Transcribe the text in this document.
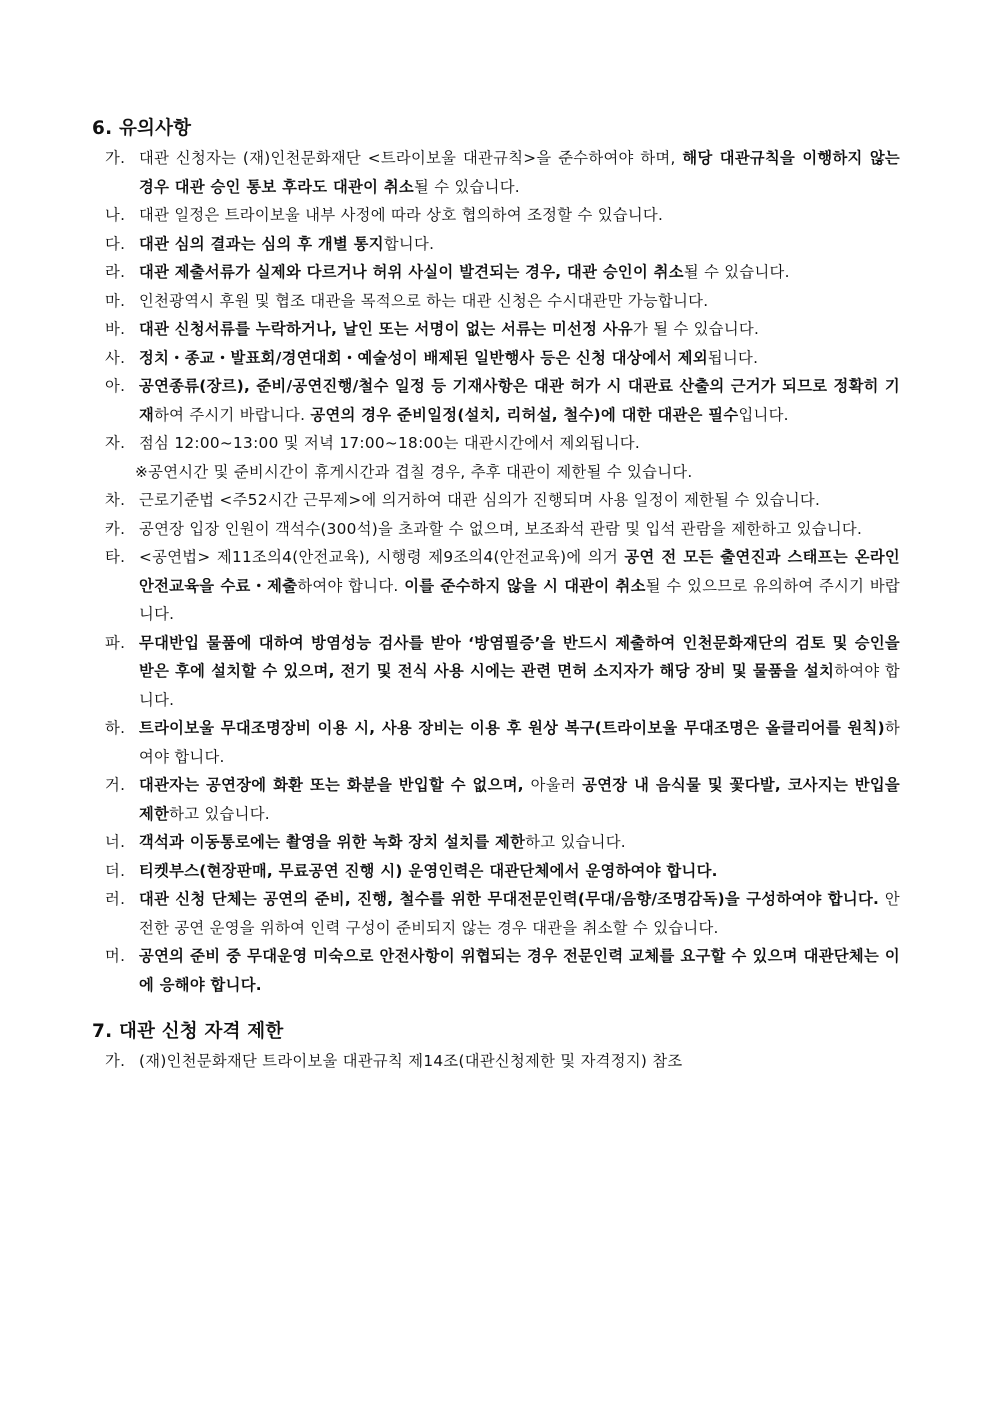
6. 유의사항
가. 대관 신청자는 (재)인천문화재단 <트라이보울 대관규칙>을 준수하여야 하며, 해당 대관규칙을 이행하지 않는 경우 대관 승인 통보 후라도 대관이 취소될 수 있습니다.
나. 대관 일정은 트라이보울 내부 사정에 따라 상호 협의하여 조정할 수 있습니다.
다. 대관 심의 결과는 심의 후 개별 통지합니다.
라. 대관 제출서류가 실제와 다르거나 허위 사실이 발견되는 경우, 대관 승인이 취소될 수 있습니다.
마. 인천광역시 후원 및 협조 대관을 목적으로 하는 대관 신청은 수시대관만 가능합니다.
바. 대관 신청서류를 누락하거나, 날인 또는 서명이 없는 서류는 미선정 사유가 될 수 있습니다.
사. 정치・종교・발표회/경연대회・예술성이 배제된 일반행사 등은 신청 대상에서 제외됩니다.
아. 공연종류(장르), 준비/공연진행/철수 일정 등 기재사항은 대관 허가 시 대관료 산출의 근거가 되므로 정확히 기재하여 주시기 바랍니다. 공연의 경우 준비일정(설치, 리허설, 철수)에 대한 대관은 필수입니다.
자. 점심 12:00~13:00 및 저녁 17:00~18:00는 대관시간에서 제외됩니다.
※공연시간 및 준비시간이 휴게시간과 겹칠 경우, 추후 대관이 제한될 수 있습니다.
차. 근로기준법 <주52시간 근무제>에 의거하여 대관 심의가 진행되며 사용 일정이 제한될 수 있습니다.
카. 공연장 입장 인원이 객석수(300석)을 초과할 수 없으며, 보조좌석 관람 및 입석 관람을 제한하고 있습니다.
타. <공연법> 제11조의4(안전교육), 시행령 제9조의4(안전교육)에 의거 공연 전 모든 출연진과 스태프는 온라인 안전교육을 수료・제출하여야 합니다. 이를 준수하지 않을 시 대관이 취소될 수 있으므로 유의하여 주시기 바랍니다.
파. 무대반입 물품에 대하여 방염성능 검사를 받아 ‘방염필증’을 반드시 제출하여 인천문화재단의 검토 및 승인을 받은 후에 설치할 수 있으며, 전기 및 전식 사용 시에는 관련 면허 소지자가 해당 장비 및 물품을 설치하여야 합니다.
하. 트라이보울 무대조명장비 이용 시, 사용 장비는 이용 후 원상 복구(트라이보울 무대조명은 올클리어를 원칙)하여야 합니다.
거. 대관자는 공연장에 화환 또는 화분을 반입할 수 없으며, 아울러 공연장 내 음식물 및 꽃다발, 코사지는 반입을 제한하고 있습니다.
너. 객석과 이동통로에는 촬영을 위한 녹화 장치 설치를 제한하고 있습니다.
더. 티켓부스(현장판매, 무료공연 진행 시) 운영인력은 대관단체에서 운영하여야 합니다.
러. 대관 신청 단체는 공연의 준비, 진행, 철수를 위한 무대전문인력(무대/음향/조명감독)을 구성하여야 합니다. 안전한 공연 운영을 위하여 인력 구성이 준비되지 않는 경우 대관을 취소할 수 있습니다.
머. 공연의 준비 중 무대운영 미숙으로 안전사항이 위협되는 경우 전문인력 교체를 요구할 수 있으며 대관단체는 이에 응해야 합니다.
7. 대관 신청 자격 제한
가. (재)인천문화재단 트라이보울 대관규칙 제14조(대관신청제한 및 자격정지) 참조
